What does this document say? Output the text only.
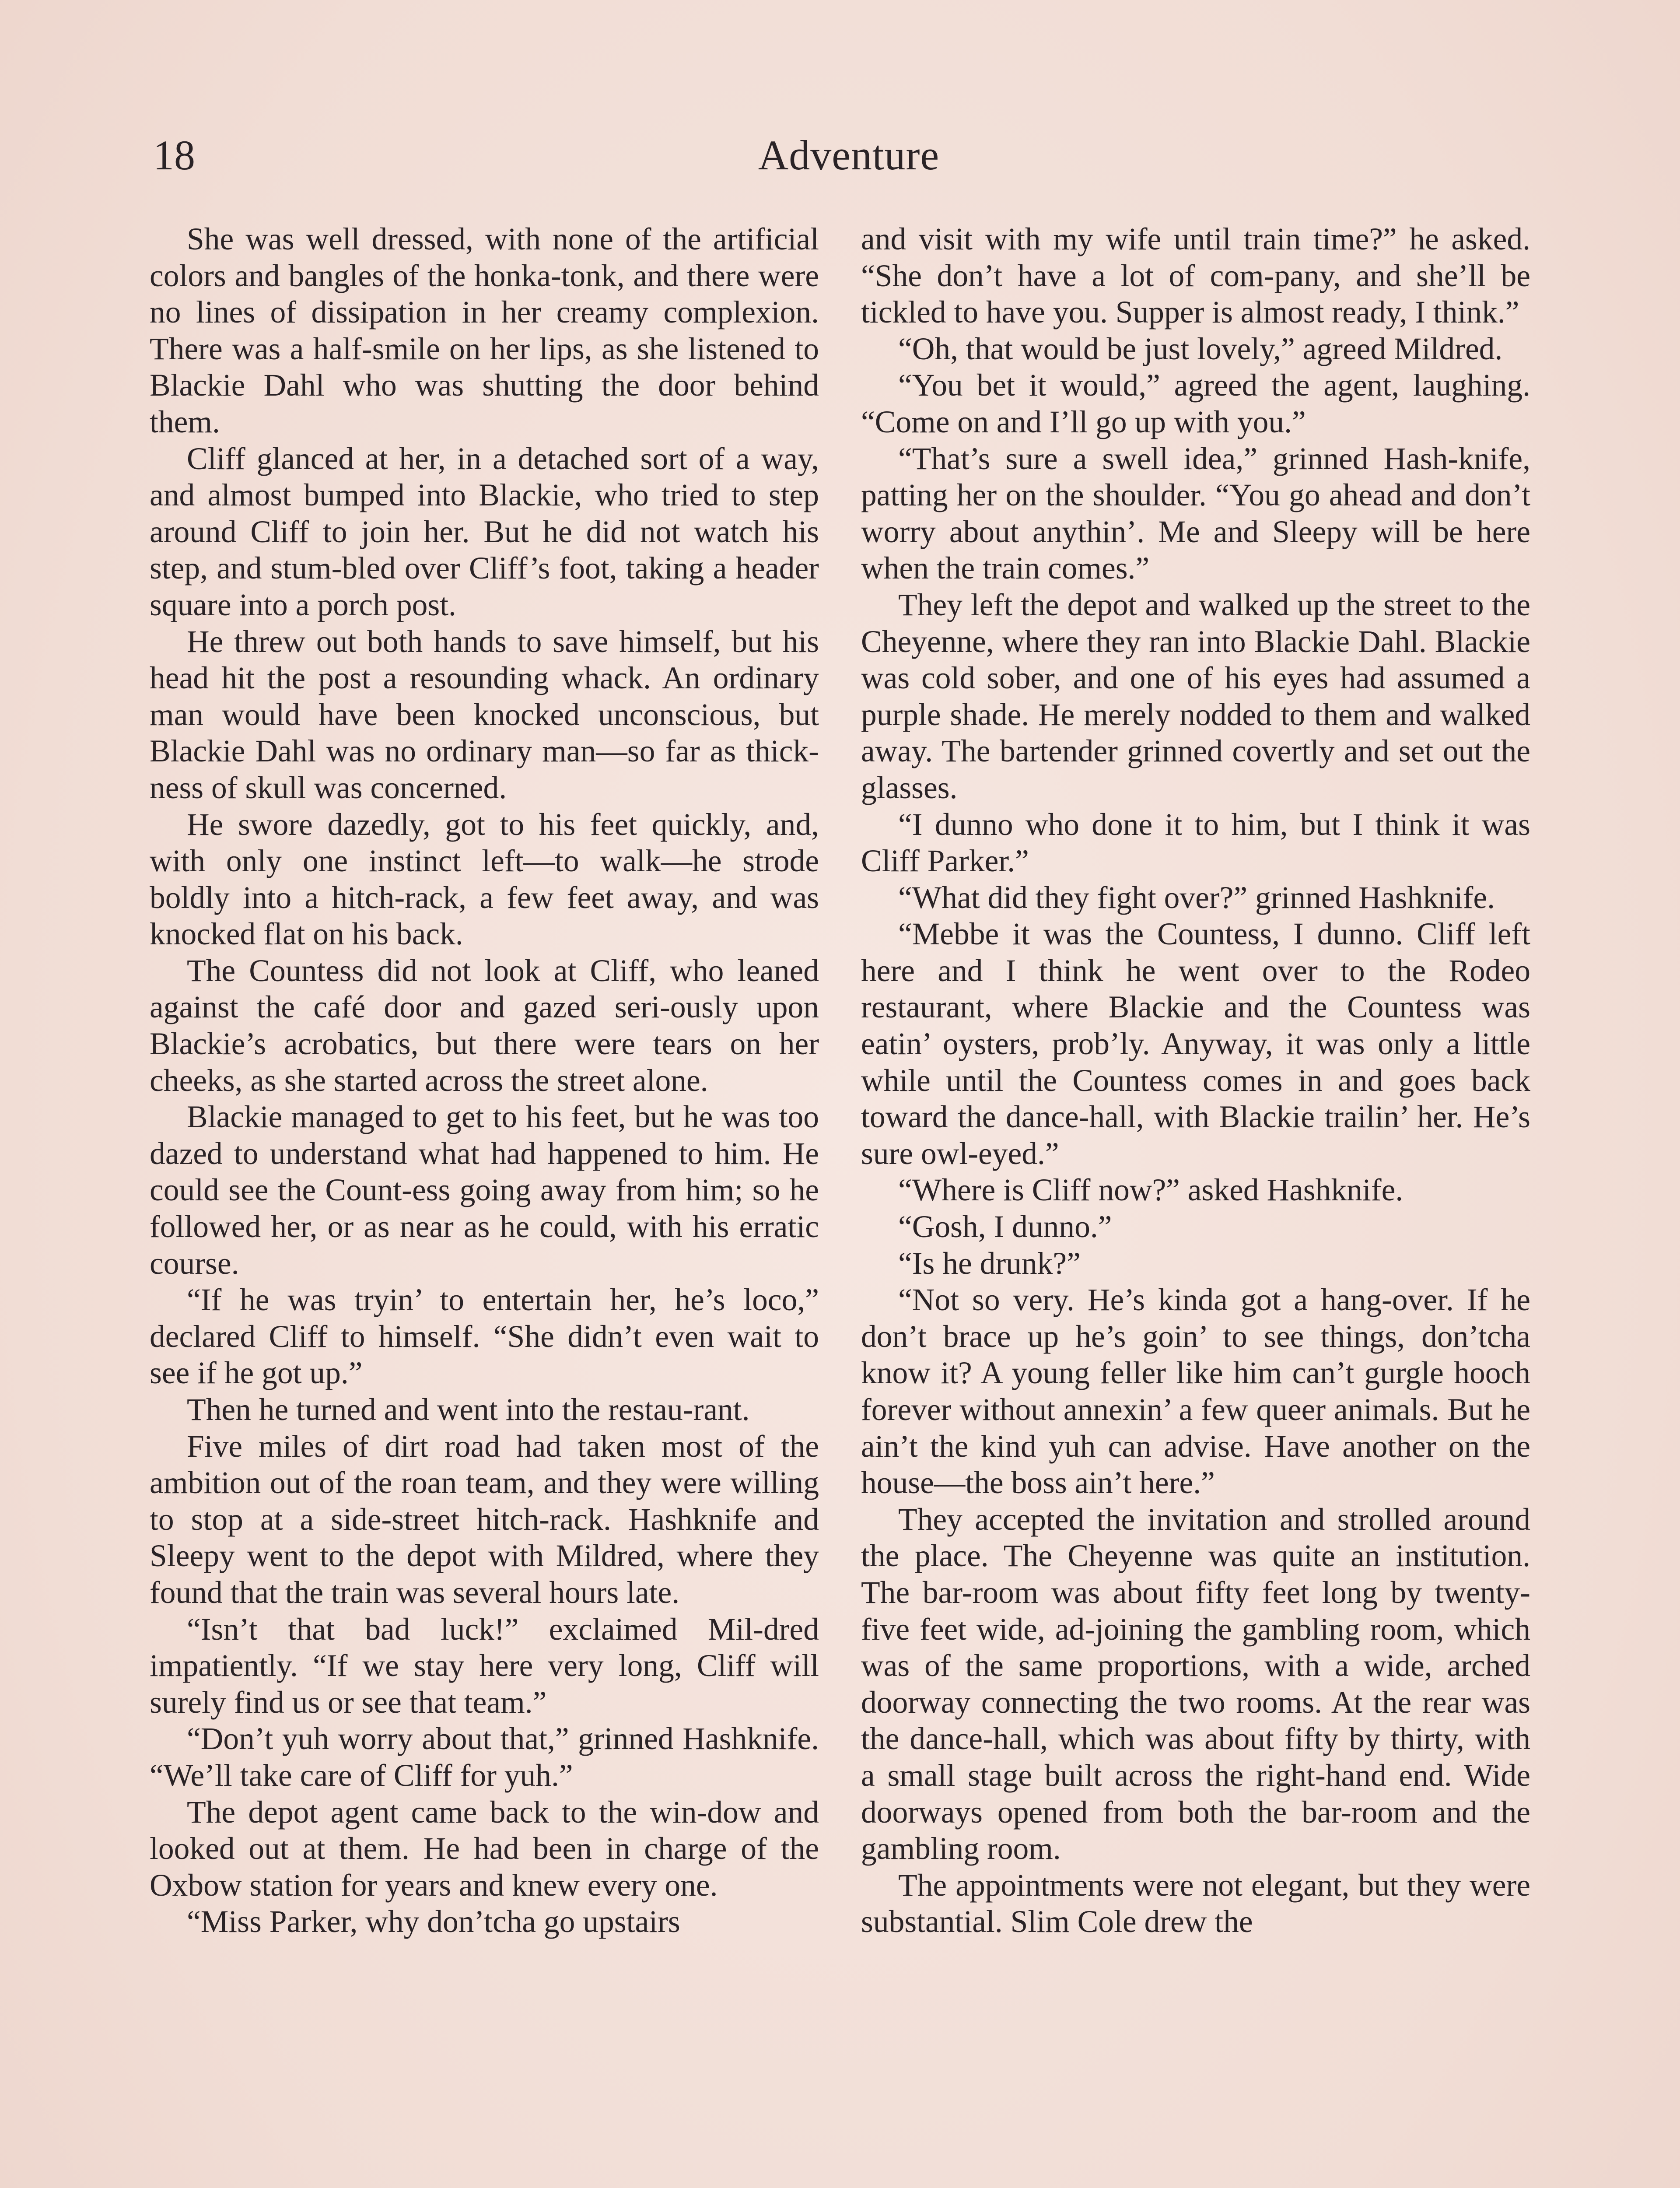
18	Adventure

She was well dressed, with none of the artificial colors and bangles of the honka-tonk, and there were no lines of dissipation in her creamy complexion. There was a half-smile on her lips, as she listened to Blackie Dahl who was shutting the door behind them.

Cliff glanced at her, in a detached sort of a way, and almost bumped into Blackie, who tried to step around Cliff to join her. But he did not watch his step, and stum-bled over Cliff’s foot, taking a header square into a porch post.

He threw out both hands to save himself, but his head hit the post a resounding whack. An ordinary man would have been knocked unconscious, but Blackie Dahl was no ordinary man—so far as thick-ness of skull was concerned.

He swore dazedly, got to his feet quickly, and, with only one instinct left—to walk—he strode boldly into a hitch-rack, a few feet away, and was knocked flat on his back.

The Countess did not look at Cliff, who leaned against the café door and gazed seri-ously upon Blackie’s acrobatics, but there were tears on her cheeks, as she started across the street alone.

Blackie managed to get to his feet, but he was too dazed to understand what had happened to him. He could see the Count-ess going away from him; so he followed her, or as near as he could, with his erratic course.

“If he was tryin’ to entertain her, he’s loco,” declared Cliff to himself. “She didn’t even wait to see if he got up.”

Then he turned and went into the restau-rant.

Five miles of dirt road had taken most of the ambition out of the roan team, and they were willing to stop at a side-street hitch-rack. Hashknife and Sleepy went to the depot with Mildred, where they found that the train was several hours late.

“Isn’t that bad luck!” exclaimed Mil-dred impatiently. “If we stay here very long, Cliff will surely find us or see that team.”

“Don’t yuh worry about that,” grinned Hashknife. “We’ll take care of Cliff for yuh.”

The depot agent came back to the win-dow and looked out at them. He had been in charge of the Oxbow station for years and knew every one.

“Miss Parker, why don’tcha go upstairs

and visit with my wife until train time?” he asked. “She don’t have a lot of com-pany, and she’ll be tickled to have you. Supper is almost ready, I think.”

“Oh, that would be just lovely,” agreed Mildred.

“You bet it would,” agreed the agent, laughing. “Come on and I’ll go up with you.”

“That’s sure a swell idea,” grinned Hash-knife, patting her on the shoulder. “You go ahead and don’t worry about anythin’. Me and Sleepy will be here when the train comes.”

They left the depot and walked up the street to the Cheyenne, where they ran into Blackie Dahl. Blackie was cold sober, and one of his eyes had assumed a purple shade. He merely nodded to them and walked away. The bartender grinned covertly and set out the glasses.

“I dunno who done it to him, but I think it was Cliff Parker.”

“What did they fight over?” grinned Hashknife.

“Mebbe it was the Countess, I dunno. Cliff left here and I think he went over to the Rodeo restaurant, where Blackie and the Countess was eatin’ oysters, prob’ly. Anyway, it was only a little while until the Countess comes in and goes back toward the dance-hall, with Blackie trailin’ her. He’s sure owl-eyed.”

“Where is Cliff now?” asked Hashknife.

“Gosh, I dunno.”

“Is he drunk?”

“Not so very. He’s kinda got a hang-over. If he don’t brace up he’s goin’ to see things, don’tcha know it? A young feller like him can’t gurgle hooch forever without annexin’ a few queer animals. But he ain’t the kind yuh can advise. Have another on the house—the boss ain’t here.”

They accepted the invitation and strolled around the place. The Cheyenne was quite an institution. The bar-room was about fifty feet long by twenty-five feet wide, ad-joining the gambling room, which was of the same proportions, with a wide, arched doorway connecting the two rooms. At the rear was the dance-hall, which was about fifty by thirty, with a small stage built across the right-hand end. Wide doorways opened from both the bar-room and the gambling room.

The appointments were not elegant, but they were substantial. Slim Cole drew the
